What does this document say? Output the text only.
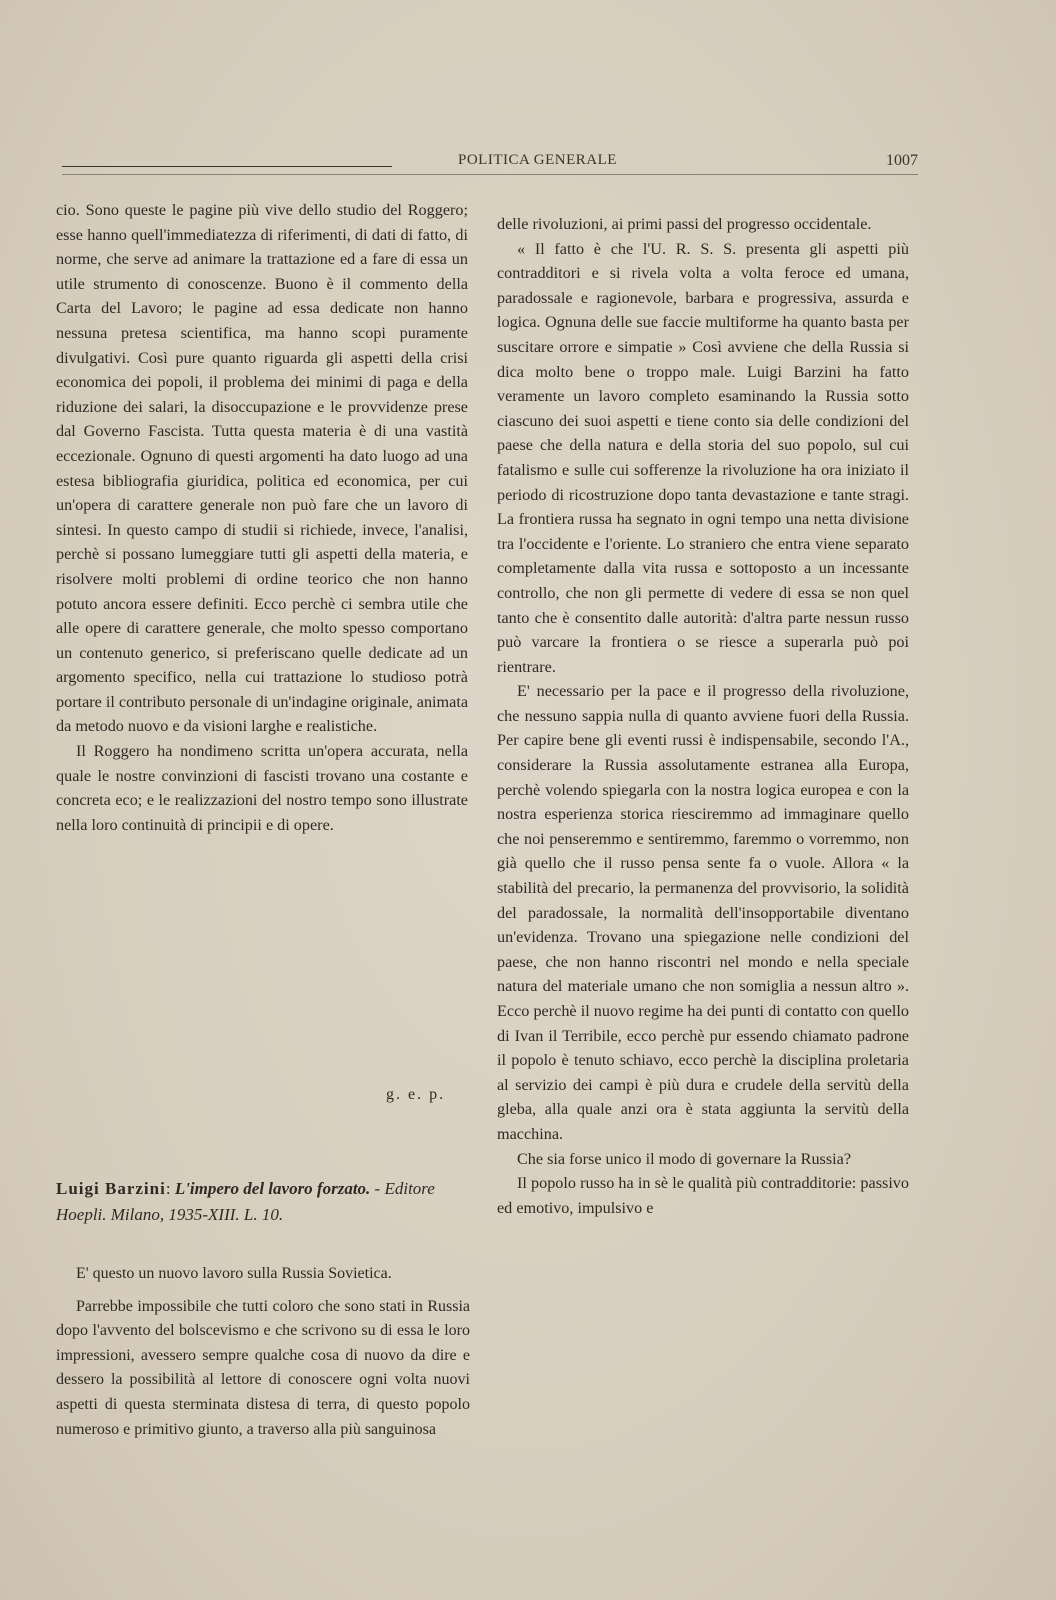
POLITICA GENERALE	1007

cio. Sono queste le pagine più vive dello studio del Roggero; esse hanno quell'immediatezza di riferimenti, di dati di fatto, di norme, che serve ad animare la trattazione ed a fare di essa un utile strumento di conoscenze. Buono è il commento della Carta del Lavoro; le pagine ad essa dedicate non hanno nessuna pretesa scientifica, ma hanno scopi puramente divulgativi. Così pure quanto riguarda gli aspetti della crisi economica dei popoli, il problema dei minimi di paga e della riduzione dei salari, la disoccupazione e le provvidenze prese dal Governo Fascista. Tutta questa materia è di una vastità eccezionale. Ognuno di questi argomenti ha dato luogo ad una estesa bibliografia giuridica, politica ed economica, per cui un'opera di carattere generale non può fare che un lavoro di sintesi. In questo campo di studii si richiede, invece, l'analisi, perchè si possano lumeggiare tutti gli aspetti della materia, e risolvere molti problemi di ordine teorico che non hanno potuto ancora essere definiti. Ecco perchè ci sembra utile che alle opere di carattere generale, che molto spesso comportano un contenuto generico, si preferiscano quelle dedicate ad un argomento specifico, nella cui trattazione lo studioso potrà portare il contributo personale di un'indagine originale, animata da metodo nuovo e da visioni larghe e realistiche.

Il Roggero ha nondimeno scritta un'opera accurata, nella quale le nostre convinzioni di fascisti trovano una costante e concreta eco; e le realizzazioni del nostro tempo sono illustrate nella loro continuità di principii e di opere.

g. e. p.
Luigi Barzini: L'impero del lavoro forzato. - Editore Hoepli. Milano, 1935-XIII. L. 10.

E' questo un nuovo lavoro sulla Russia Sovietica.

Parrebbe impossibile che tutti coloro che sono stati in Russia dopo l'avvento del bolscevismo e che scrivono su di essa le loro impressioni, avessero sempre qualche cosa di nuovo da dire e dessero la possibilità al lettore di conoscere ogni volta nuovi aspetti di questa sterminata distesa di terra, di questo popolo numeroso e primitivo giunto, a traverso alla più sanguinosa

delle rivoluzioni, ai primi passi del progresso occidentale.

« Il fatto è che l'U. R. S. S. presenta gli aspetti più contradditori e si rivela volta a volta feroce ed umana, paradossale e ragionevole, barbara e progressiva, assurda e logica. Ognuna delle sue faccie multiforme ha quanto basta per suscitare orrore e simpatie » Così avviene che della Russia si dica molto bene o troppo male. Luigi Barzini ha fatto veramente un lavoro completo esaminando la Russia sotto ciascuno dei suoi aspetti e tiene conto sia delle condizioni del paese che della natura e della storia del suo popolo, sul cui fatalismo e sulle cui sofferenze la rivoluzione ha ora iniziato il periodo di ricostruzione dopo tanta devastazione e tante stragi. La frontiera russa ha segnato in ogni tempo una netta divisione tra l'occidente e l'oriente. Lo straniero che entra viene separato completamente dalla vita russa e sottoposto a un incessante controllo, che non gli permette di vedere di essa se non quel tanto che è consentito dalle autorità: d'altra parte nessun russo può varcare la frontiera o se riesce a superarla può poi rientrare.

E' necessario per la pace e il progresso della rivoluzione, che nessuno sappia nulla di quanto avviene fuori della Russia. Per capire bene gli eventi russi è indispensabile, secondo l'A., considerare la Russia assolutamente estranea alla Europa, perchè volendo spiegarla con la nostra logica europea e con la nostra esperienza storica riesciremmo ad immaginare quello che noi penseremmo e sentiremmo, faremmo o vorremmo, non già quello che il russo pensa sente fa o vuole. Allora « la stabilità del precario, la permanenza del provvisorio, la solidità del paradossale, la normalità dell'insopportabile diventano un'evidenza. Trovano una spiegazione nelle condizioni del paese, che non hanno riscontri nel mondo e nella speciale natura del materiale umano che non somiglia a nessun altro ». Ecco perchè il nuovo regime ha dei punti di contatto con quello di Ivan il Terribile, ecco perchè pur essendo chiamato padrone il popolo è tenuto schiavo, ecco perchè la disciplina proletaria al servizio dei campi è più dura e crudele della servitù della gleba, alla quale anzi ora è stata aggiunta la servitù della macchina.

Che sia forse unico il modo di governare la Russia?

Il popolo russo ha in sè le qualità più contradditorie: passivo ed emotivo, impulsivo e
